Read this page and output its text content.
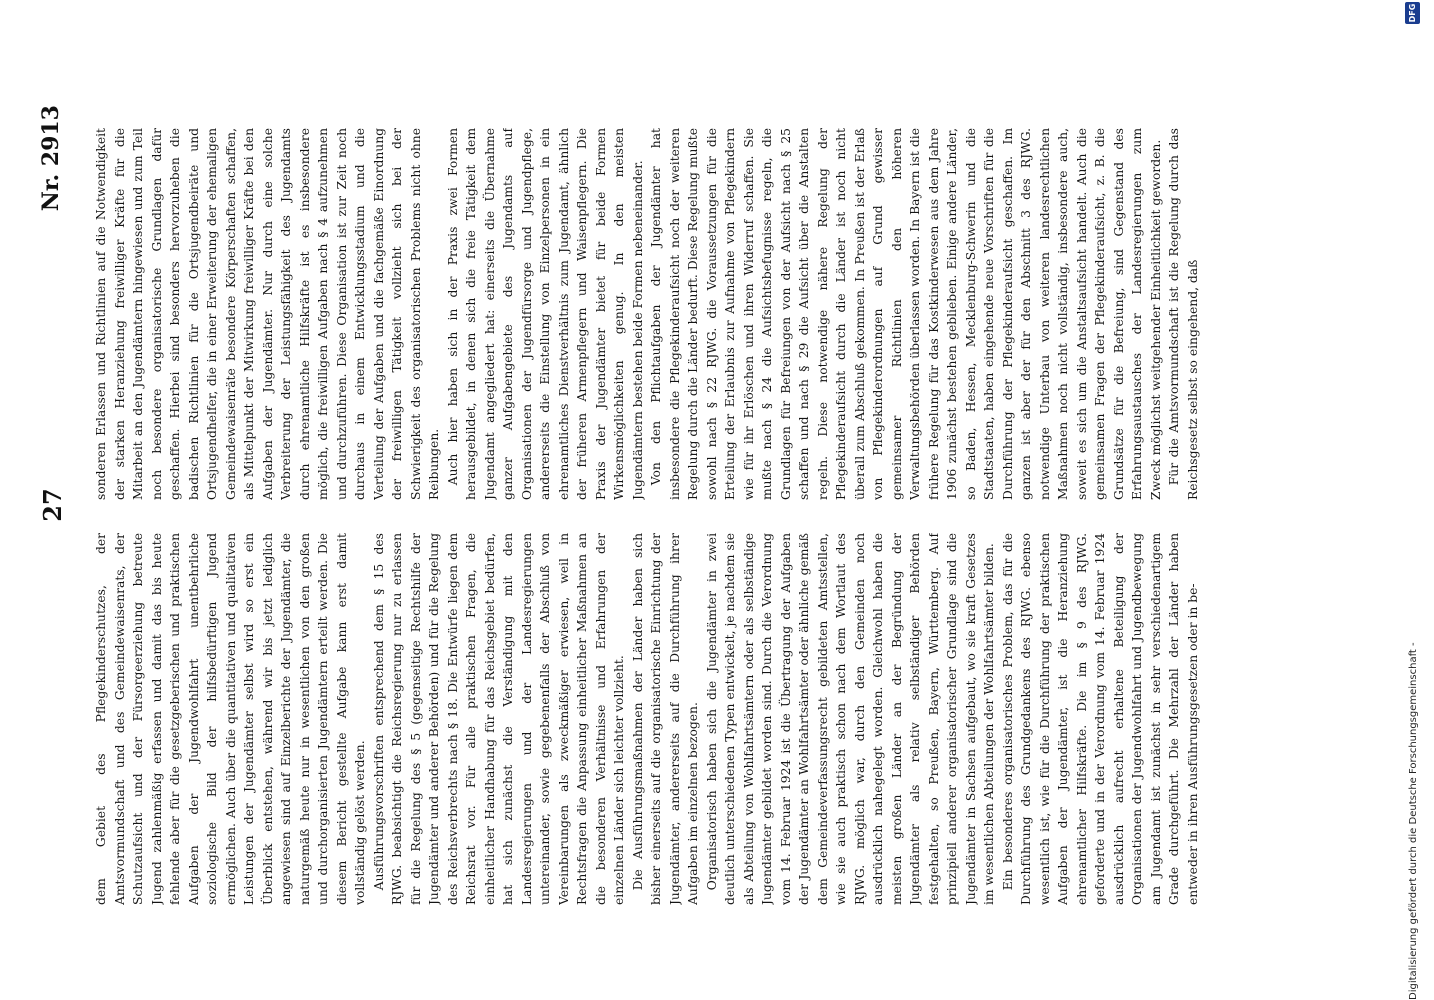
27
Nr. 2913

dem Gebiet des Pflegekinderschutzes, der Amtsvormundschaft und des Gemeindewaisenrats, der Schutzaufsicht und der Fürsorgeerziehung betreute Jugend zahlenmäßig erfassen und damit das bis heute fehlende aber für die gesetzgeberischen und praktischen Aufgaben der Jugendwohlfahrt unentbehrliche soziologische Bild der hilfsbedürftigen Jugend ermöglichen. Auch über die quantitativen und qualitativen Leistungen der Jugendämter selbst wird so erst ein Überblick entstehen, während wir bis jetzt lediglich angewiesen sind auf Einzelberichte der Jugendämter, die naturgemäß heute nur in wesentlichen von den großen und durchorganisierten Jugendämtern erteilt werden. Die diesem Bericht gestellte Aufgabe kann erst damit vollständig gelöst werden. Ausführungsvorschriften entsprechend dem § 15 des RJWG. beabsichtigt die Reichsregierung nur zu erlassen für die Regelung des § 5 (gegenseitige Rechtshilfe der Jugendämter und anderer Behörden) und für die Regelung des Reichsverbrechts nach § 18. Die Entwürfe liegen dem Reichsrat vor. Für alle praktischen Fragen, die einheitlicher Handhabung für das Reichsgebiet bedürfen, hat sich zunächst die Verständigung mit den Landesregierungen und der Landesregierungen untereinander, sowie gegebenenfalls der Abschluß von Vereinbarungen als zweckmäßiger erwiesen, weil in Rechtsfragen die Anpassung einheitlicher Maßnahmen an die besonderen Verhältnisse und Erfahrungen der einzelnen Länder sich leichter vollzieht. Die Ausführungsmaßnahmen der Länder haben sich bisher einerseits auf die organisatorische Einrichtung der Jugendämter, andererseits auf die Durchführung ihrer Aufgaben im einzelnen bezogen. Organisatorisch haben sich die Jugendämter in zwei deutlich unterschiedenen Typen entwickelt, je nachdem sie als Abteilung von Wohlfahrtsämtern oder als selbständige Jugendämter gebildet worden sind. Durch die Verordnung vom 14. Februar 1924 ist die Übertragung der Aufgaben der Jugendämter an Wohlfahrtsämter oder ähnliche gemäß dem Gemeindeverfassungsrecht gebildeten Amtsstellen, wie sie auch praktisch schon nach dem Wortlaut des RJWG. möglich war, durch den Gemeinden noch ausdrücklich nahegelegt worden. Gleichwohl haben die meisten großen Länder an der Begründung der Jugendämter als relativ selbständiger Behörden festgehalten, so Preußen, Bayern, Württemberg. Auf prinzipiell anderer organisatorischer Grundlage sind die Jugendämter in Sachsen aufgebaut, wo sie kraft Gesetzes im wesentlichen Abteilungen der Wohlfahrtsämter bilden. Ein besonderes organisatorisches Problem, das für die Durchführung des Grundgedankens des RJWG. ebenso wesentlich ist, wie für die Durchführung der praktischen Aufgaben der Jugendämter, ist die Heranziehung ehrenamtlicher Hilfskräfte. Die im § 9 des RJWG. geforderte und in der Verordnung vom 14. Februar 1924 ausdrücklich aufrecht erhaltene Beteiligung der Organisationen der Jugendwohlfahrt und Jugendbewegung am Jugendamt ist zunächst in sehr verschiedenartigem Grade durchgeführt. Die Mehrzahl der Länder haben entweder in ihren Ausführungsgesetzen oder in be-

sonderen Erlassen und Richtlinien auf die Notwendigkeit der starken Heranziehung freiwilliger Kräfte für die Mitarbeit an den Jugendämtern hingewiesen und zum Teil noch besondere organisatorische Grundlagen dafür geschaffen. Hierbei sind besonders hervorzuheben die badischen Richtlinien für die Ortsjugendbeiräte und Ortsjugendhelfer, die in einer Erweiterung der ehemaligen Gemeindewaisenräte besondere Körperschaften schaffen, als Mittelpunkt der Mitwirkung freiwilliger Kräfte bei den Aufgaben der Jugendämter. Nur durch eine solche Verbreiterung der Leistungsfähigkeit des Jugendamts durch ehrenamtliche Hilfskräfte ist es insbesondere möglich, die freiwilligen Aufgaben nach § 4 aufzunehmen und durchzuführen. Diese Organisation ist zur Zeit noch durchaus in einem Entwicklungsstadium und die Verteilung der Aufgaben und die fachgemäße Einordnung der freiwilligen Tätigkeit vollzieht sich bei der Schwierigkeit des organisatorischen Problems nicht ohne Reibungen. Auch hier haben sich in der Praxis zwei Formen herausgebildet, in denen sich die freie Tätigkeit dem Jugendamt angegliedert hat: einerseits die Übernahme ganzer Aufgabengebiete des Jugendamts auf Organisationen der Jugendfürsorge und Jugendpflege, andererseits die Einstellung von Einzelpersonen in ein ehrenamtliches Dienstverhältnis zum Jugendamt, ähnlich der früheren Armenpflegern und Waisenpflegern. Die Praxis der Jugendämter bietet für beide Formen Wirkensmöglichkeiten genug. In den meisten Jugendämtern bestehen beide Formen nebeneinander. Von den Pflichtaufgaben der Jugendämter hat insbesondere die Pflegekinderaufsicht noch der weiteren Regelung durch die Länder bedurft. Diese Regelung mußte sowohl nach § 22 RJWG. die Voraussetzungen für die Erteilung der Erlaubnis zur Aufnahme von Pflegekindern wie für ihr Erlöschen und ihren Widerruf schaffen. Sie mußte nach § 24 die Aufsichtsbefugnisse regeln, die Grundlagen für Befreiungen von der Aufsicht nach § 25 schaffen und nach § 29 die Aufsicht über die Anstalten regeln. Diese notwendige nähere Regelung der Pflegekinderaufsicht durch die Länder ist noch nicht überall zum Abschluß gekommen. In Preußen ist der Erlaß von Pflegekinderordnungen auf Grund gewisser gemeinsamer Richtlinien den höheren Verwaltungsbehörden überlassen worden. In Bayern ist die frühere Regelung für das Kostkinderwesen aus dem Jahre 1906 zunächst bestehen geblieben. Einige andere Länder, so Baden, Hessen, Mecklenburg-Schwerin und die Stadtstaaten, haben eingehende neue Vorschriften für die Durchführung der Pflegekinderaufsicht geschaffen. Im ganzen ist aber der für den Abschnitt 3 des RJWG. notwendige Unterbau von weiteren landesrechtlichen Maßnahmen noch nicht vollständig, insbesondere auch, soweit es sich um die Anstaltsaufsicht handelt. Auch die gemeinsamen Fragen der Pflegekinderaufsicht, z. B. die Grundsätze für die Befreiung, sind Gegenstand des Erfahrungsaustausches der Landesregierungen zum Zweck möglichst weitgehender Einheitlichkeit geworden. Für die Amtsvormundschaft ist die Regelung durch das Reichsgesetz selbst so eingehend, daß

Digitalisierung gefördert durch die Deutsche Forschungsgemeinschaft -
DFG
